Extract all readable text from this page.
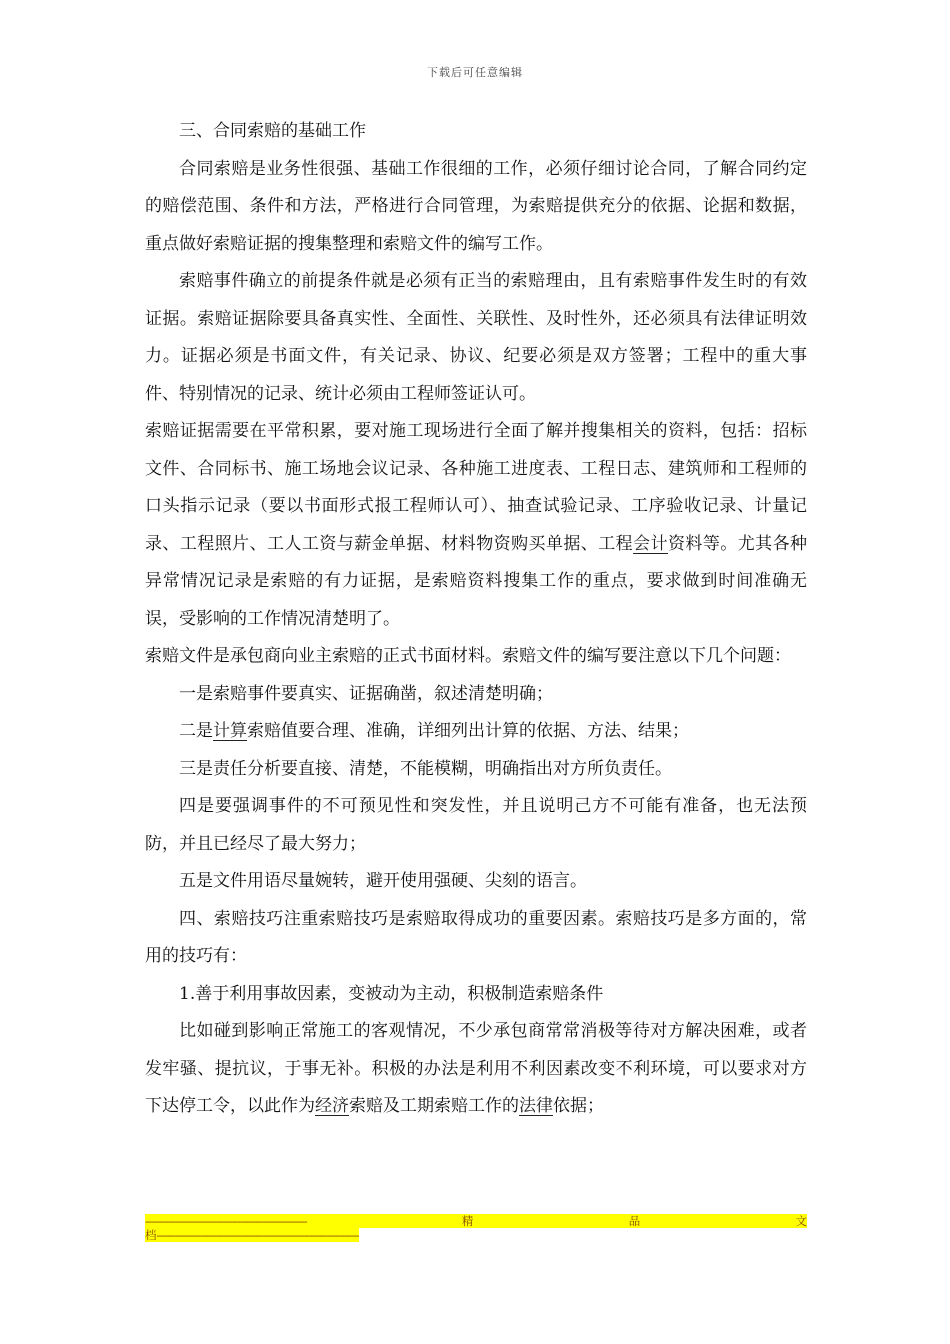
下载后可任意编辑

三、合同索赔的基础工作

合同索赔是业务性很强、基础工作很细的工作，必须仔细讨论合同，了解合同约定的赔偿范围、条件和方法，严格进行合同管理，为索赔提供充分的依据、论据和数据，重点做好索赔证据的搜集整理和索赔文件的编写工作。

索赔事件确立的前提条件就是必须有正当的索赔理由，且有索赔事件发生时的有效证据。索赔证据除要具备真实性、全面性、关联性、及时性外，还必须具有法律证明效力。证据必须是书面文件，有关记录、协议、纪要必须是双方签署；工程中的重大事件、特别情况的记录、统计必须由工程师签证认可。

索赔证据需要在平常积累，要对施工现场进行全面了解并搜集相关的资料，包括：招标文件、合同标书、施工场地会议记录、各种施工进度表、工程日志、建筑师和工程师的口头指示记录（要以书面形式报工程师认可）、抽查试验记录、工序验收记录、计量记录、工程照片、工人工资与薪金单据、材料物资购买单据、工程会计资料等。尤其各种异常情况记录是索赔的有力证据，是索赔资料搜集工作的重点，要求做到时间准确无误，受影响的工作情况清楚明了。

索赔文件是承包商向业主索赔的正式书面材料。索赔文件的编写要注意以下几个问题：

一是索赔事件要真实、证据确凿，叙述清楚明确；

二是计算索赔值要合理、准确，详细列出计算的依据、方法、结果；

三是责任分析要直接、清楚，不能模糊，明确指出对方所负责任。

四是要强调事件的不可预见性和突发性，并且说明己方不可能有准备，也无法预防，并且已经尽了最大努力；

五是文件用语尽量婉转，避开使用强硬、尖刻的语言。

四、索赔技巧注重索赔技巧是索赔取得成功的重要因素。索赔技巧是多方面的，常用的技巧有：

1.善于利用事故因素，变被动为主动，积极制造索赔条件

比如碰到影响正常施工的客观情况，不少承包商常常消极等待对方解决困难，或者发牢骚、提抗议，于事无补。积极的办法是利用不利因素改变不利环境，可以要求对方下达停工令，以此作为经济索赔及工期索赔工作的法律依据；

--------------------------------------------------------	精	品	文
档----------------------------------------------------------------------
